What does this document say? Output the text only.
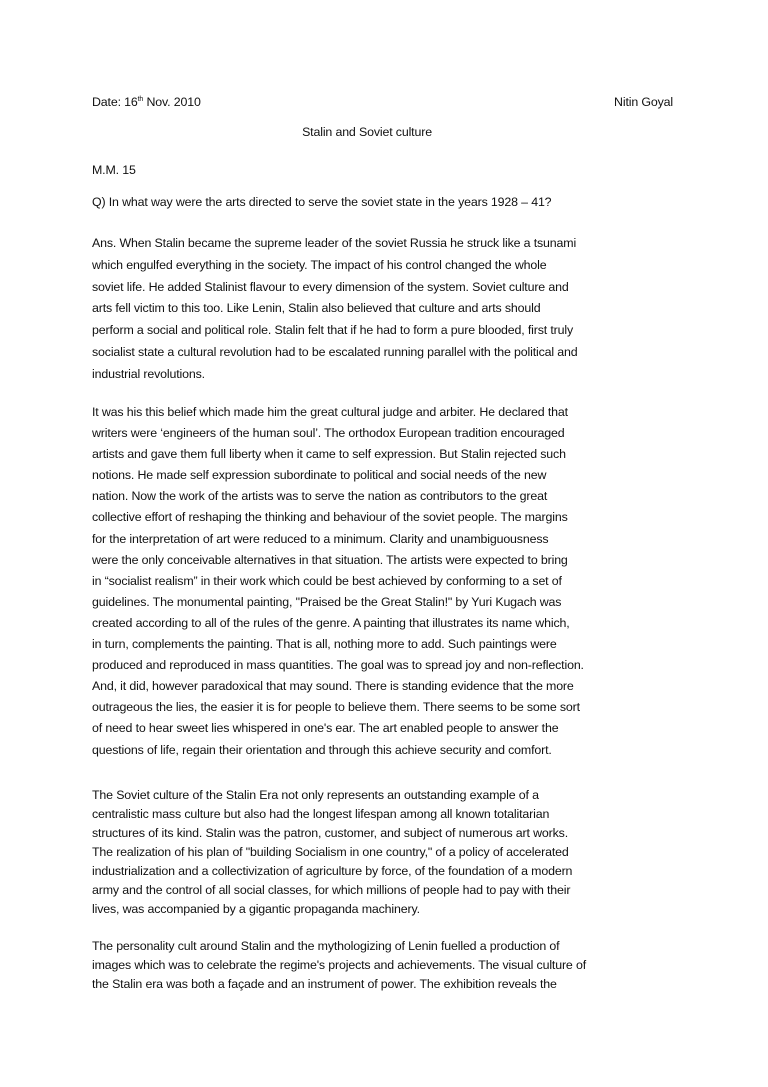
Date: 16th Nov. 2010	Nitin Goyal
Stalin and Soviet culture
M.M. 15
Q) In what way were the arts directed to serve the soviet state in the years 1928 – 41?
Ans. When Stalin became the supreme leader of the soviet Russia he struck like a tsunami
which engulfed everything in the society. The impact of his control changed the whole
soviet life. He added Stalinist flavour to every dimension of the system. Soviet culture and
arts fell victim to this too. Like Lenin, Stalin also believed that culture and arts should
perform a social and political role. Stalin felt that if he had to form a pure blooded, first truly
socialist state a cultural revolution had to be escalated running parallel with the political and
industrial revolutions.
It was his this belief which made him the great cultural judge and arbiter. He declared that
writers were ‘engineers of the human soul’. The orthodox European tradition encouraged
artists and gave them full liberty when it came to self expression. But Stalin rejected such
notions. He made self expression subordinate to political and social needs of the new
nation. Now the work of the artists was to serve the nation as contributors to the great
collective effort of reshaping the thinking and behaviour of the soviet people. The margins
for the interpretation of art were reduced to a minimum. Clarity and unambiguousness
were the only conceivable alternatives in that situation. The artists were expected to bring
in “socialist realism” in their work which could be best achieved by conforming to a set of
guidelines. The monumental painting, "Praised be the Great Stalin!" by Yuri Kugach was
created according to all of the rules of the genre. A painting that illustrates its name which,
in turn, complements the painting. That is all, nothing more to add. Such paintings were
produced and reproduced in mass quantities. The goal was to spread joy and non-reflection.
And, it did, however paradoxical that may sound. There is standing evidence that the more
outrageous the lies, the easier it is for people to believe them. There seems to be some sort
of need to hear sweet lies whispered in one's ear. The art enabled people to answer the
questions of life, regain their orientation and through this achieve security and comfort.
The Soviet culture of the Stalin Era not only represents an outstanding example of a
centralistic mass culture but also had the longest lifespan among all known totalitarian
structures of its kind. Stalin was the patron, customer, and subject of numerous art works.
The realization of his plan of "building Socialism in one country," of a policy of accelerated
industrialization and a collectivization of agriculture by force, of the foundation of a modern
army and the control of all social classes, for which millions of people had to pay with their
lives, was accompanied by a gigantic propaganda machinery.
The personality cult around Stalin and the mythologizing of Lenin fuelled a production of
images which was to celebrate the regime's projects and achievements. The visual culture of
the Stalin era was both a façade and an instrument of power. The exhibition reveals the
